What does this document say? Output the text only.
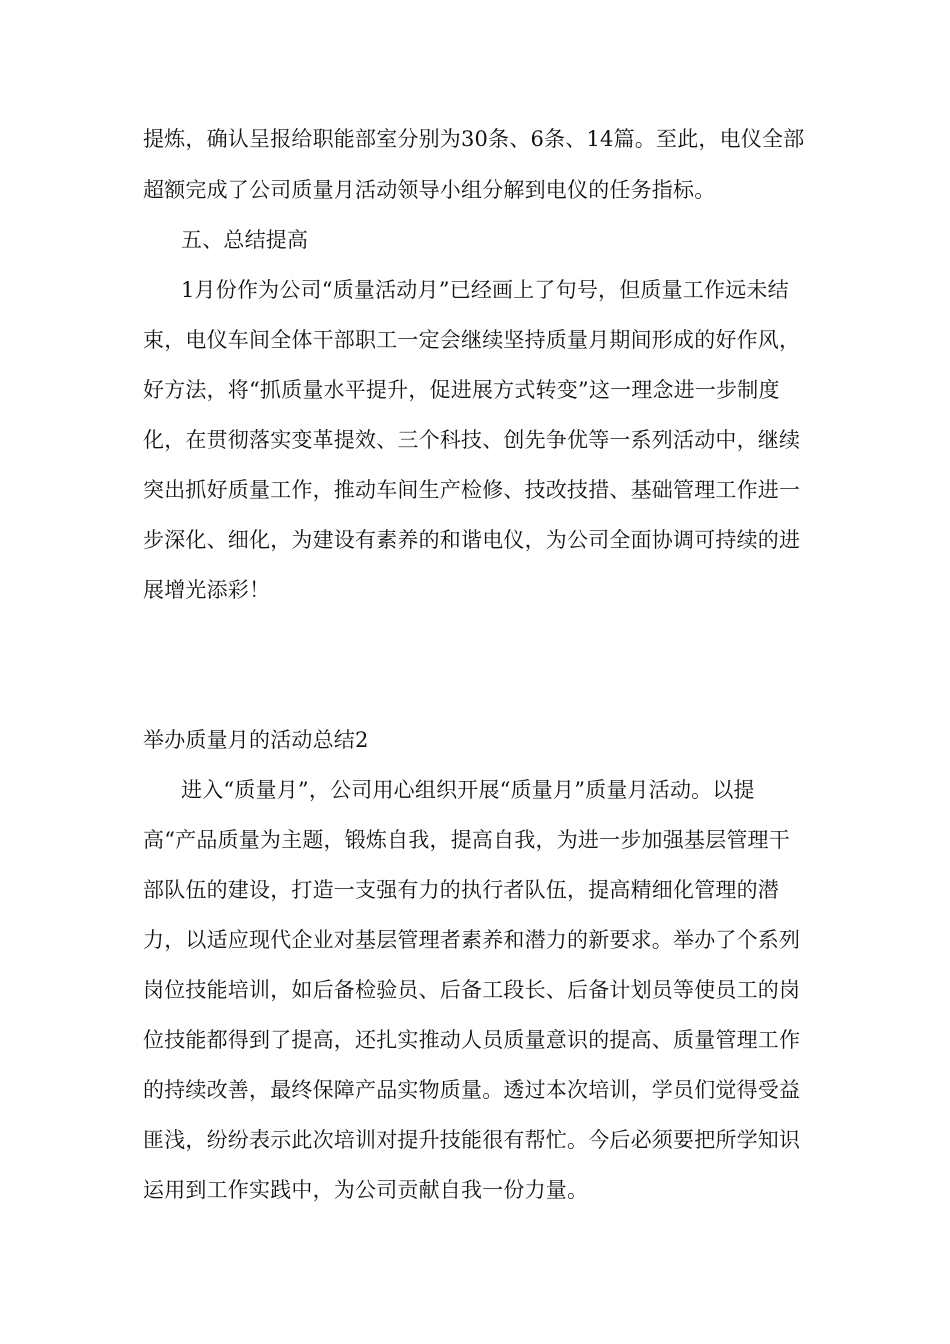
提炼，确认呈报给职能部室分别为30条、6条、14篇。至此，电仪全部
超额完成了公司质量月活动领导小组分解到电仪的任务指标。
五、总结提高
1月份作为公司“质量活动月”已经画上了句号，但质量工作远未结
束，电仪车间全体干部职工一定会继续坚持质量月期间形成的好作风，
好方法，将“抓质量水平提升，促进展方式转变”这一理念进一步制度
化，在贯彻落实变革提效、三个科技、创先争优等一系列活动中，继续
突出抓好质量工作，推动车间生产检修、技改技措、基础管理工作进一
步深化、细化，为建设有素养的和谐电仪，为公司全面协调可持续的进
展增光添彩！
举办质量月的活动总结2
进入“质量月”，公司用心组织开展“质量月”质量月活动。以提
高“产品质量为主题，锻炼自我，提高自我，为进一步加强基层管理干
部队伍的建设，打造一支强有力的执行者队伍，提高精细化管理的潜
力，以适应现代企业对基层管理者素养和潜力的新要求。举办了个系列
岗位技能培训，如后备检验员、后备工段长、后备计划员等使员工的岗
位技能都得到了提高，还扎实推动人员质量意识的提高、质量管理工作
的持续改善，最终保障产品实物质量。透过本次培训，学员们觉得受益
匪浅，纷纷表示此次培训对提升技能很有帮忙。今后必须要把所学知识
运用到工作实践中，为公司贡献自我一份力量。
